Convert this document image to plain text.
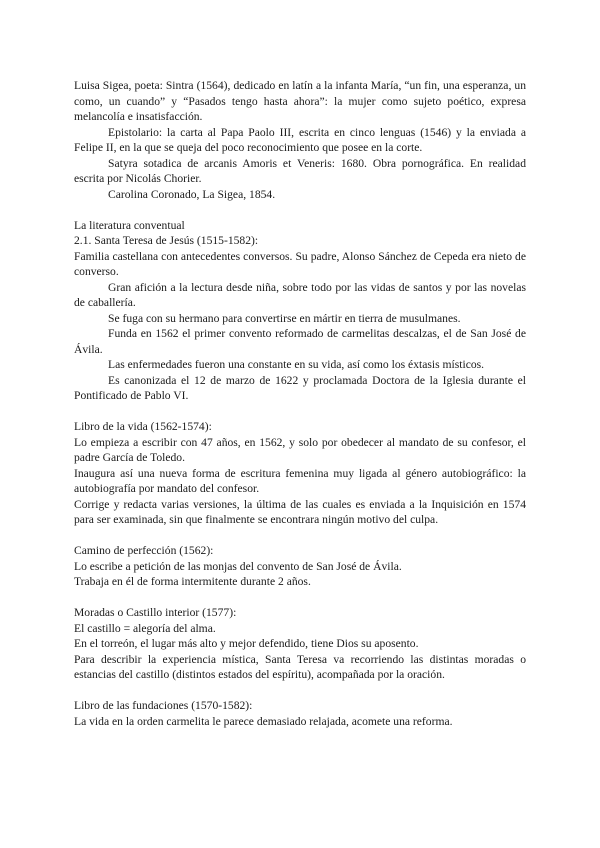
Luisa Sigea, poeta: Sintra (1564), dedicado en latín a la infanta María, “un fin, una esperanza, un como, un cuando” y “Pasados tengo hasta ahora”: la mujer como sujeto poético, expresa melancolía e insatisfacción.

Epistolario: la carta al Papa Paolo III, escrita en cinco lenguas (1546) y la enviada a Felipe II, en la que se queja del poco reconocimiento que posee en la corte.

Satyra sotadica de arcanis Amoris et Veneris: 1680. Obra pornográfica. En realidad escrita por Nicolás Chorier.

Carolina Coronado, La Sigea, 1854.

La literatura conventual

2.1. Santa Teresa de Jesús (1515-1582):

Familia castellana con antecedentes conversos. Su padre, Alonso Sánchez de Cepeda era nieto de converso.

Gran afición a la lectura desde niña, sobre todo por las vidas de santos y por las novelas de caballería.

Se fuga con su hermano para convertirse en mártir en tierra de musulmanes.

Funda en 1562 el primer convento reformado de carmelitas descalzas, el de San José de Ávila.

Las enfermedades fueron una constante en su vida, así como los éxtasis místicos.

Es canonizada el 12 de marzo de 1622 y proclamada Doctora de la Iglesia durante el Pontificado de Pablo VI.

Libro de la vida (1562-1574):

Lo empieza a escribir con 47 años, en 1562, y solo por obedecer al mandato de su confesor, el padre García de Toledo.

Inaugura así una nueva forma de escritura femenina muy ligada al género autobiográfico: la autobiografía por mandato del confesor.

Corrige y redacta varias versiones, la última de las cuales es enviada a la Inquisición en 1574 para ser examinada, sin que finalmente se encontrara ningún motivo del culpa.

Camino de perfección (1562):

Lo escribe a petición de las monjas del convento de San José de Ávila.

Trabaja en él de forma intermitente durante 2 años.

Moradas o Castillo interior (1577):

El castillo = alegoría del alma.

En el torreón, el lugar más alto y mejor defendido, tiene Dios su aposento.

Para describir la experiencia mística, Santa Teresa va recorriendo las distintas moradas o estancias del castillo (distintos estados del espíritu), acompañada por la oración.

Libro de las fundaciones (1570-1582):

La vida en la orden carmelita le parece demasiado relajada, acomete una reforma.
